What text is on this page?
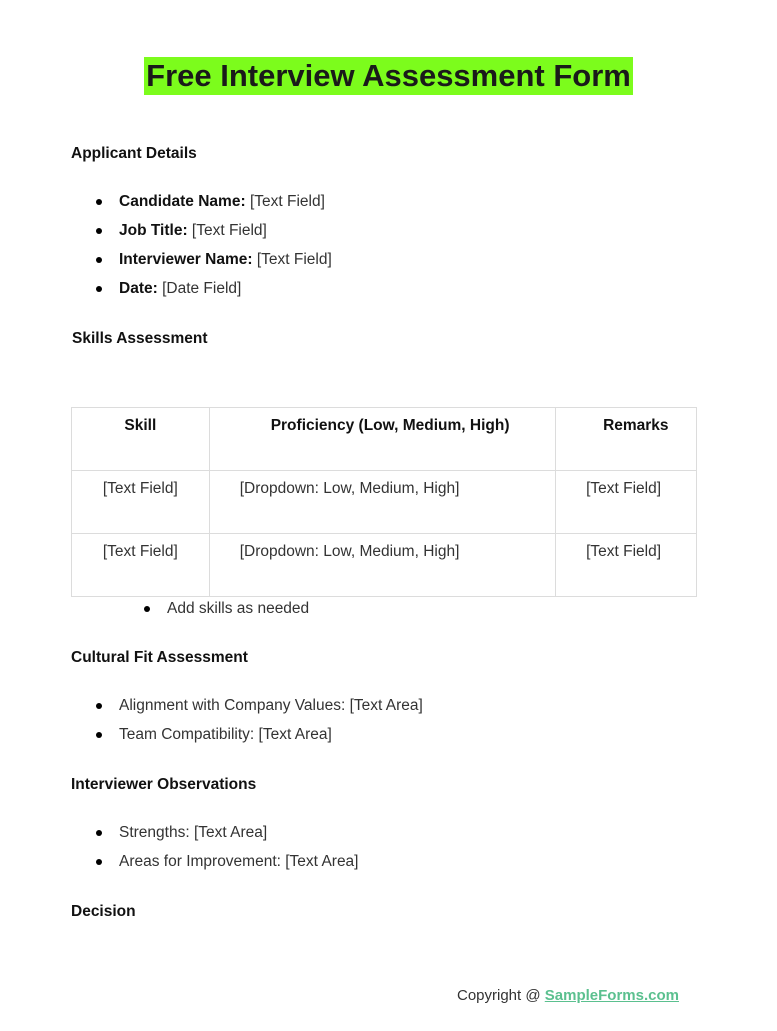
Free Interview Assessment Form
Applicant Details
Candidate Name: [Text Field]
Job Title: [Text Field]
Interviewer Name: [Text Field]
Date: [Date Field]
Skills Assessment
Skill	Proficiency (Low, Medium, High)	Remarks
[Text Field]	[Dropdown: Low, Medium, High]	[Text Field]
[Text Field]	[Dropdown: Low, Medium, High]	[Text Field]
Add skills as needed
Cultural Fit Assessment
Alignment with Company Values: [Text Area]
Team Compatibility: [Text Area]
Interviewer Observations
Strengths: [Text Area]
Areas for Improvement: [Text Area]
Decision
Copyright @ SampleForms.com
